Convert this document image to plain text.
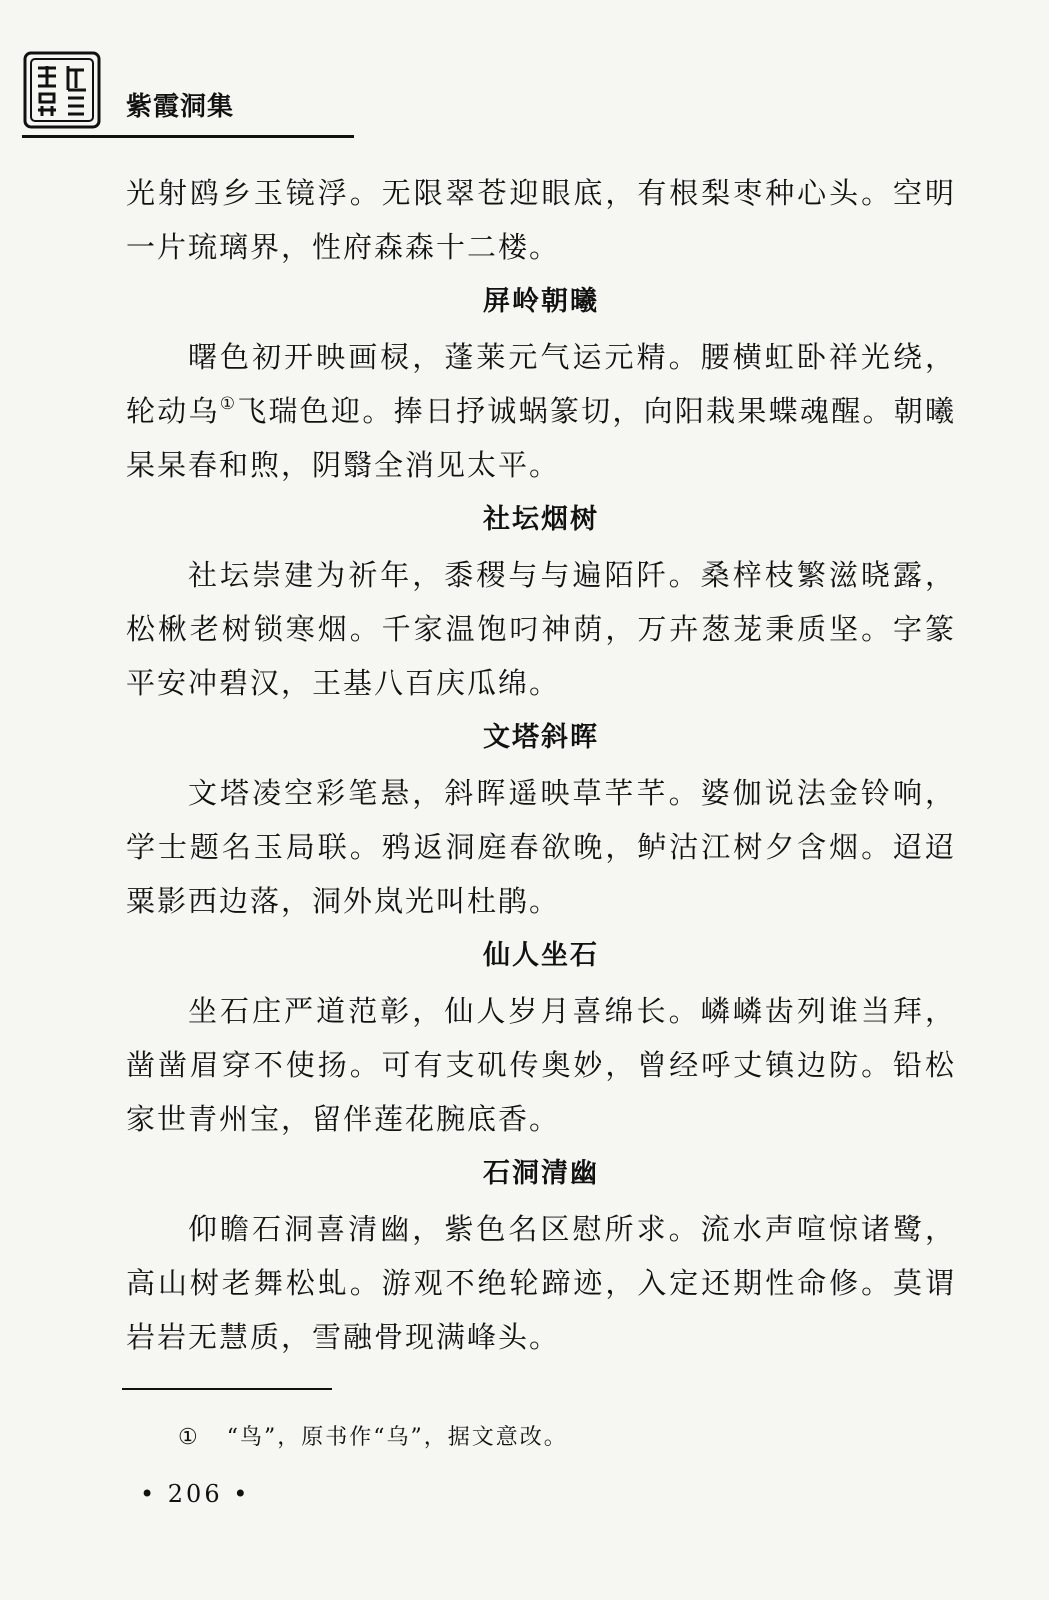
紫霞洞集

光射鸥乡玉镜浮。无限翠苍迎眼底，有根梨枣种心头。空明一片琉璃界，性府森森十二楼。

屏岭朝曦

曙色初开映画棂，蓬莱元气运元精。腰横虹卧祥光绕，轮动乌①飞瑞色迎。捧日抒诚蜗篆切，向阳栽果蝶魂醒。朝曦杲杲春和煦，阴翳全消见太平。

社坛烟树

社坛崇建为祈年，黍稷与与遍陌阡。桑梓枝繁滋晓露，松楸老树锁寒烟。千家温饱叼神荫，万卉葱茏秉质坚。字篆平安冲碧汉，王基八百庆瓜绵。

文塔斜晖

文塔凌空彩笔悬，斜晖遥映草芊芊。婆伽说法金铃响，学士题名玉局联。鸦返洞庭春欲晚，鲈沽江树夕含烟。迢迢粟影西边落，洞外岚光叫杜鹃。

仙人坐石

坐石庄严道范彰，仙人岁月喜绵长。嶙嶙齿列谁当拜，凿凿眉穿不使扬。可有支矶传奥妙，曾经呼丈镇边防。铅松家世青州宝，留伴莲花腕底香。

石洞清幽

仰瞻石洞喜清幽，紫色名区慰所求。流水声喧惊诸鹭，高山树老舞松虬。游观不绝轮蹄迹，入定还期性命修。莫谓岩岩无慧质，雪融骨现满峰头。

① “鸟”，原书作“乌”，据文意改。
• 206 •
